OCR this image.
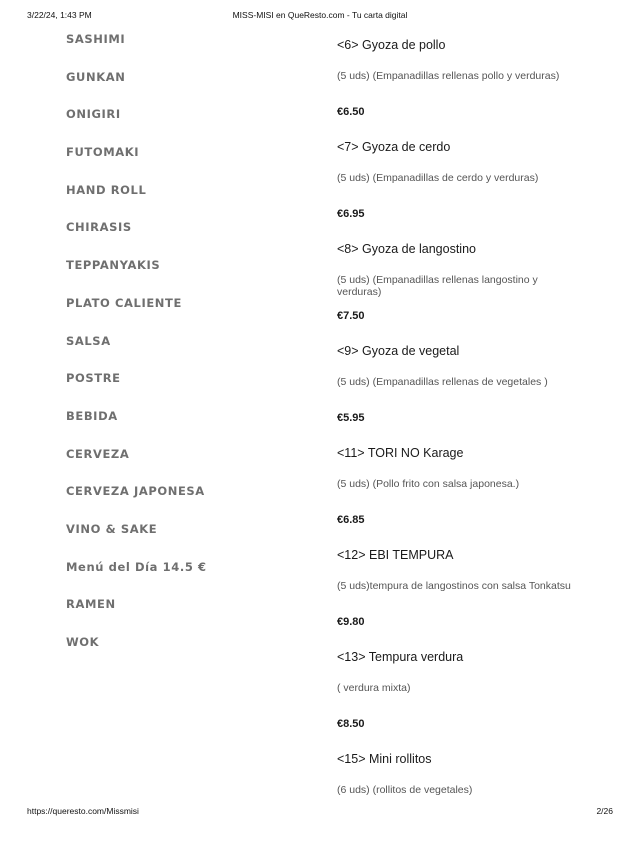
3/22/24, 1:43 PM	MISS-MISI en QueResto.com - Tu carta digital
SASHIMI
GUNKAN
ONIGIRI
FUTOMAKI
HAND ROLL
CHIRASIS
TEPPANYAKIS
PLATO CALIENTE
SALSA
POSTRE
BEBIDA
CERVEZA
CERVEZA JAPONESA
VINO & SAKE
Menú del Día 14.5 €
RAMEN
WOK
<6> Gyoza de pollo
(5 uds) (Empanadillas rellenas pollo y verduras)
€6.50
<7> Gyoza de cerdo
(5 uds) (Empanadillas de cerdo y verduras)
€6.95
<8> Gyoza de langostino
(5 uds) (Empanadillas rellenas langostino y verduras)
€7.50
<9> Gyoza de vegetal
(5 uds) (Empanadillas rellenas de vegetales )
€5.95
<11> TORI NO Karage
(5 uds) (Pollo frito con salsa japonesa.)
€6.85
<12> EBI TEMPURA
(5 uds)tempura de langostinos con salsa Tonkatsu
€9.80
<13> Tempura verdura
( verdura mixta)
€8.50
<15> Mini rollitos
(6 uds) (rollitos de vegetales)
https://queresto.com/Missmisi	2/26
